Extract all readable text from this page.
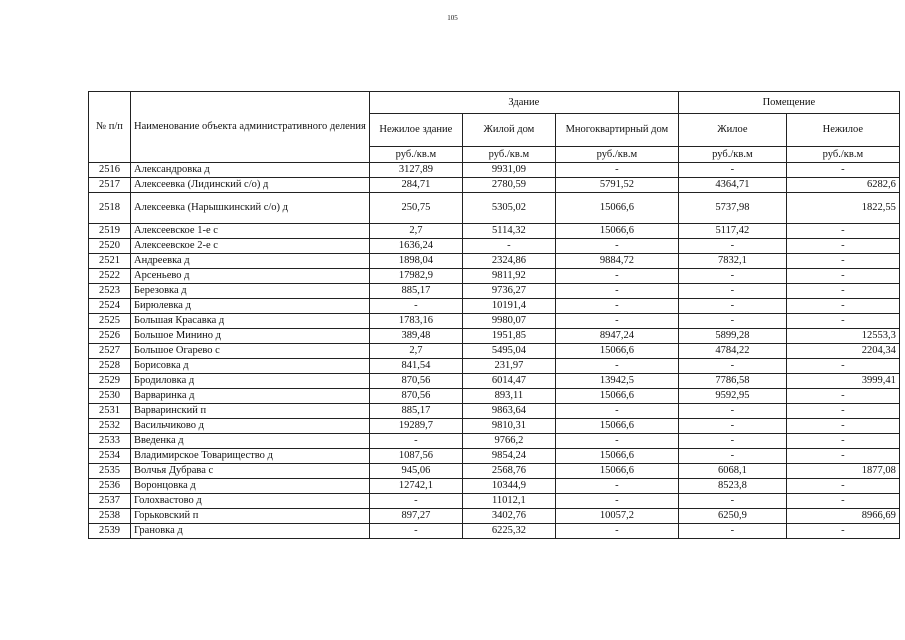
105
№ п/п	Наименование объекта административного деления	Здание			Помещение	
		Нежилое здание	Жилой дом	Многоквартирный дом	Жилое	Нежилое
		руб./кв.м	руб./кв.м	руб./кв.м	руб./кв.м	руб./кв.м
2516	Александровка д	3127,89	9931,09	-	-	-
2517	Алексеевка (Лидинский с/о) д	284,71	2780,59	5791,52	4364,71	6282,6
2518	Алексеевка (Нарышкинский с/о) д	250,75	5305,02	15066,6	5737,98	1822,55
2519	Алексеевское 1-е с	2,7	5114,32	15066,6	5117,42	-
2520	Алексеевское 2-е с	1636,24	-	-	-	-
2521	Андреевка д	1898,04	2324,86	9884,72	7832,1	-
2522	Арсеньево д	17982,9	9811,92	-	-	-
2523	Березовка д	885,17	9736,27	-	-	-
2524	Бирюлевка д	-	10191,4	-	-	-
2525	Большая Красавка д	1783,16	9980,07	-	-	-
2526	Большое Минино д	389,48	1951,85	8947,24	5899,28	12553,3
2527	Большое Огарево с	2,7	5495,04	15066,6	4784,22	2204,34
2528	Борисовка д	841,54	231,97	-	-	-
2529	Бродиловка д	870,56	6014,47	13942,5	7786,58	3999,41
2530	Варваринка д	870,56	893,11	15066,6	9592,95	-
2531	Варваринский п	885,17	9863,64	-	-	-
2532	Васильчиково д	19289,7	9810,31	15066,6	-	-
2533	Введенка д	-	9766,2	-	-	-
2534	Владимирское Товарищество д	1087,56	9854,24	15066,6	-	-
2535	Волчья Дубрава с	945,06	2568,76	15066,6	6068,1	1877,08
2536	Воронцовка д	12742,1	10344,9	-	8523,8	-
2537	Голохвастово д	-	11012,1	-	-	-
2538	Горьковский п	897,27	3402,76	10057,2	6250,9	8966,69
2539	Грановка д	-	6225,32	-	-	-
